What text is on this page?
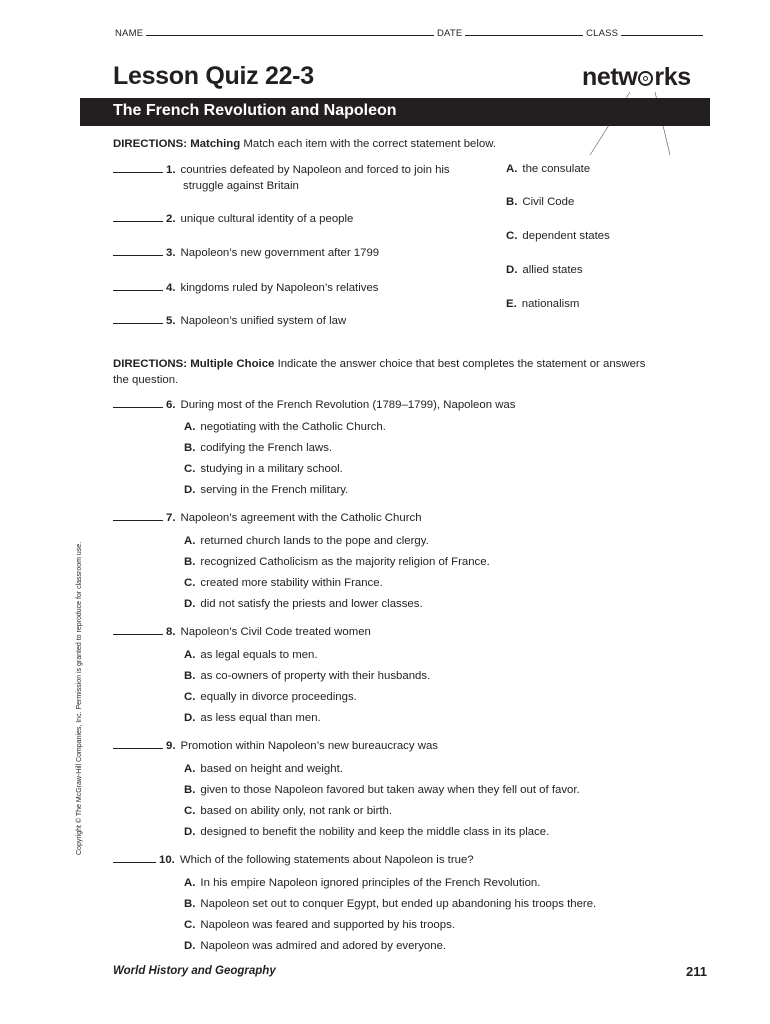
NAME	DATE	CLASS
Lesson Quiz 22-3	netw rks
The French Revolution and Napoleon
DIRECTIONS: Matching Match each item with the correct statement below.
1. countries defeated by Napoleon and forced to join his
struggle against Britain
2. unique cultural identity of a people
3. Napoleon’s new government after 1799
4. kingdoms ruled by Napoleon’s relatives
5. Napoleon’s unified system of law
A. the consulate
B. Civil Code
C. dependent states
D. allied states
E. nationalism
DIRECTIONS: Multiple Choice Indicate the answer choice that best completes the statement or answers
the question.
6. During most of the French Revolution (1789–1799), Napoleon was
A. negotiating with the Catholic Church.
B. codifying the French laws.
C. studying in a military school.
D. serving in the French military.
7. Napoleon’s agreement with the Catholic Church
A. returned church lands to the pope and clergy.
B. recognized Catholicism as the majority religion of France.
C. created more stability within France.
D. did not satisfy the priests and lower classes.
8. Napoleon’s Civil Code treated women
A. as legal equals to men.
B. as co-owners of property with their husbands.
C. equally in divorce proceedings.
D. as less equal than men.
9. Promotion within Napoleon’s new bureaucracy was
A. based on height and weight.
B. given to those Napoleon favored but taken away when they fell out of favor.
C. based on ability only, not rank or birth.
D. designed to benefit the nobility and keep the middle class in its place.
10. Which of the following statements about Napoleon is true?
A. In his empire Napoleon ignored principles of the French Revolution.
B. Napoleon set out to conquer Egypt, but ended up abandoning his troops there.
C. Napoleon was feared and supported by his troops.
D. Napoleon was admired and adored by everyone.
Copyright © The McGraw-Hill Companies, Inc. Permission is granted to reproduce for classroom use.
World History and Geography	211
